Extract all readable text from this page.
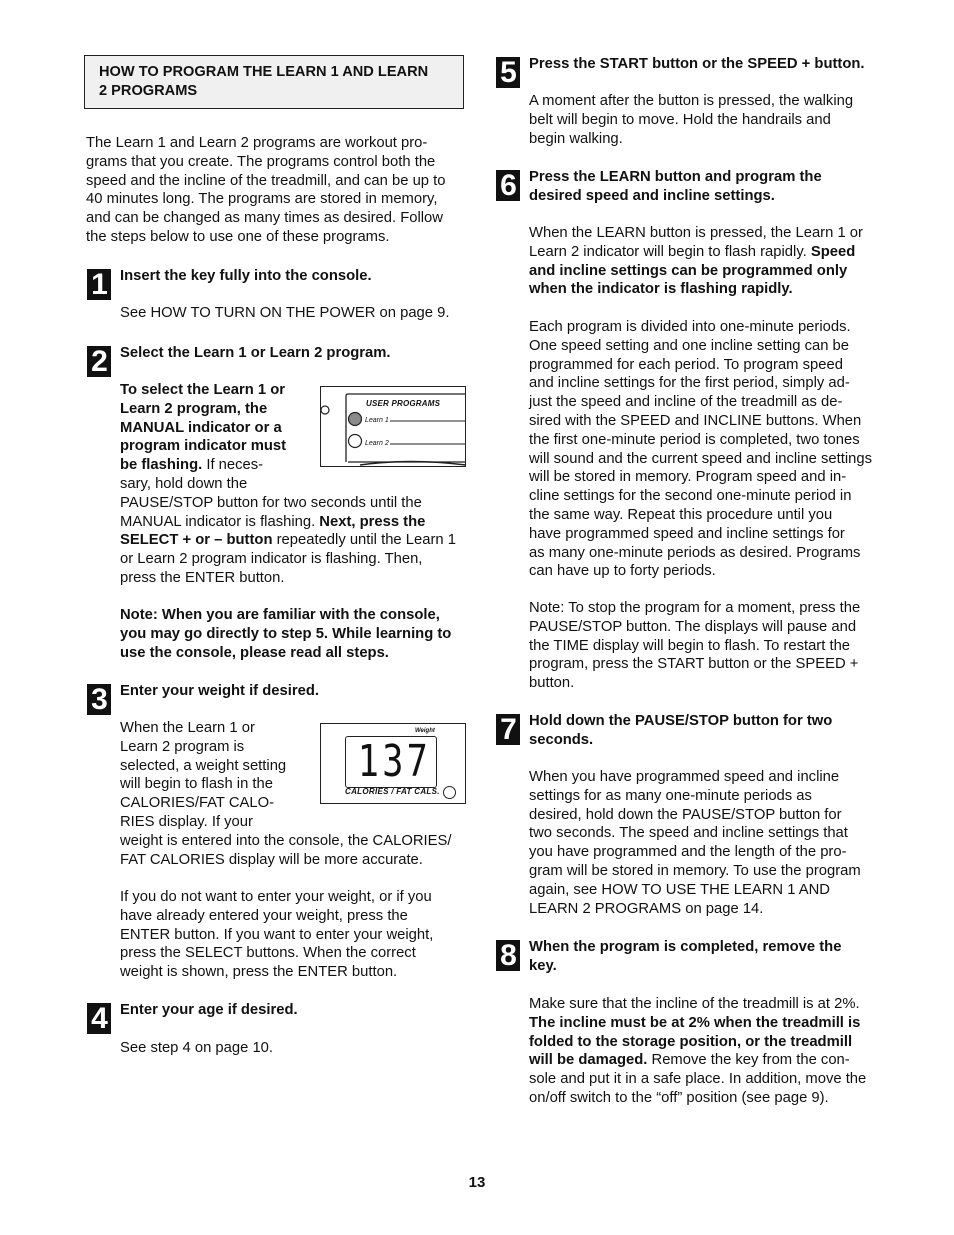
HOW TO PROGRAM THE LEARN 1 AND LEARN
2 PROGRAMS
The Learn 1 and Learn 2 programs are workout pro-
grams that you create. The programs control both the
speed and the incline of the treadmill, and can be up to
40 minutes long. The programs are stored in memory,
and can be changed as many times as desired. Follow
the steps below to use one of these programs.
1 Insert the key fully into the console.
See HOW TO TURN ON THE POWER on page 9.
2 Select the Learn 1 or Learn 2 program.
To select the Learn 1 or
Learn 2 program, the
MANUAL indicator or a
program indicator must
be flashing. If neces-
sary, hold down the
PAUSE/STOP button for two seconds until the
MANUAL indicator is flashing. Next, press the
SELECT + or – button repeatedly until the Learn 1
or Learn 2 program indicator is flashing. Then,
press the ENTER button.
Note: When you are familiar with the console,
you may go directly to step 5. While learning to
use the console, please read all steps.
USER PROGRAMS
Learn 1
Learn 2
3 Enter your weight if desired.
When the Learn 1 or
Learn 2 program is
selected, a weight setting
will begin to flash in the
CALORIES/FAT CALO-
RIES display. If your
weight is entered into the console, the CALORIES/
FAT CALORIES display will be more accurate.
If you do not want to enter your weight, or if you
have already entered your weight, press the
ENTER button. If you want to enter your weight,
press the SELECT buttons. When the correct
weight is shown, press the ENTER button.
Weight
137
CALORIES / FAT CALS.
4 Enter your age if desired.
See step 4 on page 10.
5 Press the START button or the SPEED + button.
A moment after the button is pressed, the walking
belt will begin to move. Hold the handrails and
begin walking.
6 Press the LEARN button and program the
desired speed and incline settings.
When the LEARN button is pressed, the Learn 1 or
Learn 2 indicator will begin to flash rapidly. Speed
and incline settings can be programmed only
when the indicator is flashing rapidly.
Each program is divided into one-minute periods.
One speed setting and one incline setting can be
programmed for each period. To program speed
and incline settings for the first period, simply ad-
just the speed and incline of the treadmill as de-
sired with the SPEED and INCLINE buttons. When
the first one-minute period is completed, two tones
will sound and the current speed and incline settings
will be stored in memory. Program speed and in-
cline settings for the second one-minute period in
the same way. Repeat this procedure until you
have programmed speed and incline settings for
as many one-minute periods as desired. Programs
can have up to forty periods.
Note: To stop the program for a moment, press the
PAUSE/STOP button. The displays will pause and
the TIME display will begin to flash. To restart the
program, press the START button or the SPEED +
button.
7 Hold down the PAUSE/STOP button for two
seconds.
When you have programmed speed and incline
settings for as many one-minute periods as
desired, hold down the PAUSE/STOP button for
two seconds. The speed and incline settings that
you have programmed and the length of the pro-
gram will be stored in memory. To use the program
again, see HOW TO USE THE LEARN 1 AND
LEARN 2 PROGRAMS on page 14.
8 When the program is completed, remove the
key.
Make sure that the incline of the treadmill is at 2%.
The incline must be at 2% when the treadmill is
folded to the storage position, or the treadmill
will be damaged. Remove the key from the con-
sole and put it in a safe place. In addition, move the
on/off switch to the “off” position (see page 9).
13
